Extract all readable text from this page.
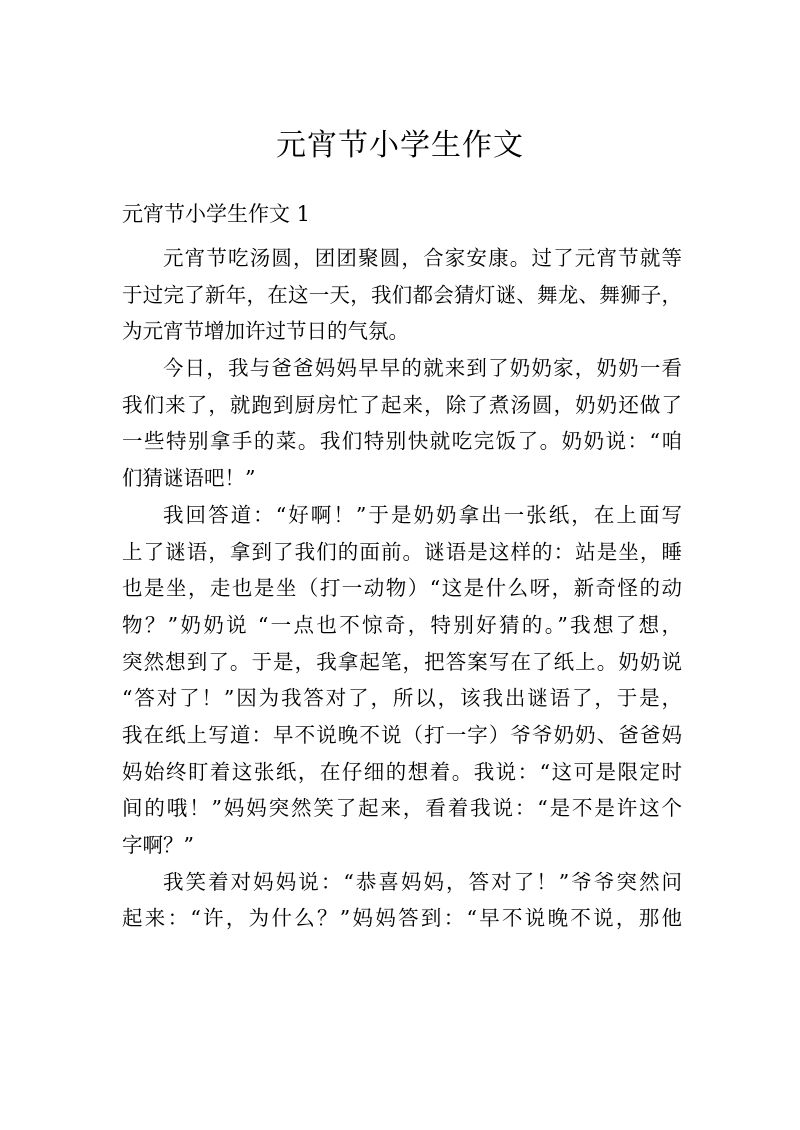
元宵节小学生作文
元宵节小学生作文 1
元宵节吃汤圆，团团聚圆，合家安康。过了元宵节就等
于过完了新年，在这一天，我们都会猜灯谜、舞龙、舞狮子，
为元宵节增加许过节日的气氛。
今日，我与爸爸妈妈早早的就来到了奶奶家，奶奶一看
我们来了，就跑到厨房忙了起来，除了煮汤圆，奶奶还做了
一些特别拿手的菜。我们特别快就吃完饭了。奶奶说：“咱
们猜谜语吧！”
我回答道：“好啊！”于是奶奶拿出一张纸，在上面写
上了谜语，拿到了我们的面前。谜语是这样的：站是坐，睡
也是坐，走也是坐（打一动物）“这是什么呀，新奇怪的动
物？”奶奶说 “一点也不惊奇，特别好猜的。”我想了想，
突然想到了。于是，我拿起笔，把答案写在了纸上。奶奶说
“答对了！”因为我答对了，所以，该我出谜语了，于是，
我在纸上写道：早不说晚不说（打一字）爷爷奶奶、爸爸妈
妈始终盯着这张纸，在仔细的想着。我说：“这可是限定时
间的哦！”妈妈突然笑了起来，看着我说：“是不是许这个
字啊？”
我笑着对妈妈说：“恭喜妈妈，答对了！”爷爷突然问
起来：“许，为什么？”妈妈答到：“早不说晚不说，那他
